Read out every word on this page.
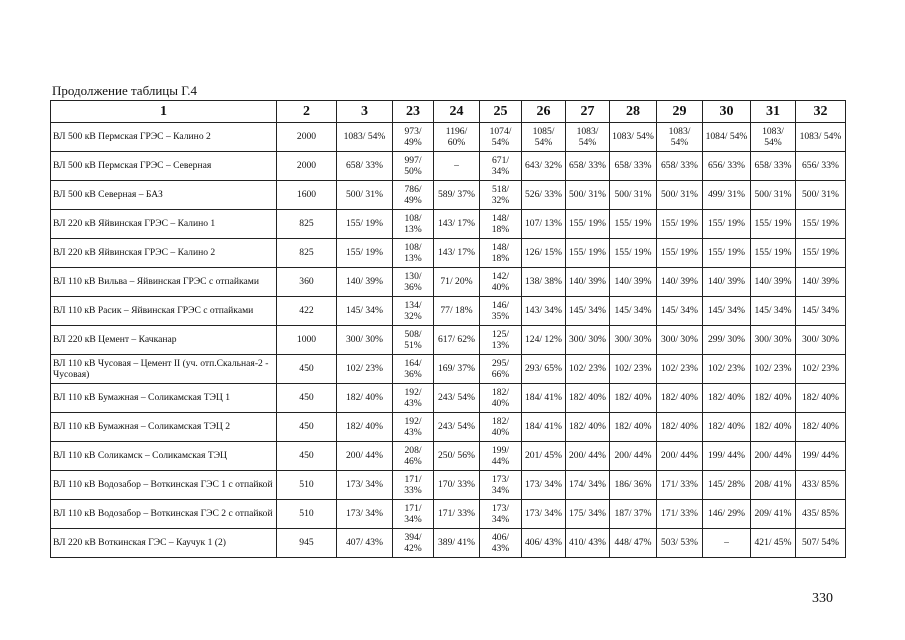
Продолжение таблицы Г.4
1	2	3	23	24	25	26	27	28	29	30	31	32
ВЛ 500 кВ Пермская ГРЭС – Калино 2	2000	1083/ 54%	973/ 49%	1196/ 60%	1074/ 54%	1085/ 54%	1083/ 54%	1083/ 54%	1083/ 54%	1084/ 54%	1083/ 54%	1083/ 54%
ВЛ 500 кВ Пермская ГРЭС – Северная	2000	658/ 33%	997/ 50%	–	671/ 34%	643/ 32%	658/ 33%	658/ 33%	658/ 33%	656/ 33%	658/ 33%	656/ 33%
ВЛ 500 кВ Северная – БАЗ	1600	500/ 31%	786/ 49%	589/ 37%	518/ 32%	526/ 33%	500/ 31%	500/ 31%	500/ 31%	499/ 31%	500/ 31%	500/ 31%
ВЛ 220 кВ Яйвинская ГРЭС – Калино 1	825	155/ 19%	108/ 13%	143/ 17%	148/ 18%	107/ 13%	155/ 19%	155/ 19%	155/ 19%	155/ 19%	155/ 19%	155/ 19%
ВЛ 220 кВ Яйвинская ГРЭС – Калино 2	825	155/ 19%	108/ 13%	143/ 17%	148/ 18%	126/ 15%	155/ 19%	155/ 19%	155/ 19%	155/ 19%	155/ 19%	155/ 19%
ВЛ 110 кВ Вильва – Яйвинская ГРЭС с отпайками	360	140/ 39%	130/ 36%	71/ 20%	142/ 40%	138/ 38%	140/ 39%	140/ 39%	140/ 39%	140/ 39%	140/ 39%	140/ 39%
ВЛ 110 кВ Расик – Яйвинская ГРЭС с отпайками	422	145/ 34%	134/ 32%	77/ 18%	146/ 35%	143/ 34%	145/ 34%	145/ 34%	145/ 34%	145/ 34%	145/ 34%	145/ 34%
ВЛ 220 кВ Цемент – Качканар	1000	300/ 30%	508/ 51%	617/ 62%	125/ 13%	124/ 12%	300/ 30%	300/ 30%	300/ 30%	299/ 30%	300/ 30%	300/ 30%
ВЛ 110 кВ Чусовая – Цемент II (уч. отп.Скальная-2 - Чусовая)	450	102/ 23%	164/ 36%	169/ 37%	295/ 66%	293/ 65%	102/ 23%	102/ 23%	102/ 23%	102/ 23%	102/ 23%	102/ 23%
ВЛ 110 кВ Бумажная – Соликамская ТЭЦ 1	450	182/ 40%	192/ 43%	243/ 54%	182/ 40%	184/ 41%	182/ 40%	182/ 40%	182/ 40%	182/ 40%	182/ 40%	182/ 40%
ВЛ 110 кВ Бумажная – Соликамская ТЭЦ 2	450	182/ 40%	192/ 43%	243/ 54%	182/ 40%	184/ 41%	182/ 40%	182/ 40%	182/ 40%	182/ 40%	182/ 40%	182/ 40%
ВЛ 110 кВ Соликамск – Соликамская ТЭЦ	450	200/ 44%	208/ 46%	250/ 56%	199/ 44%	201/ 45%	200/ 44%	200/ 44%	200/ 44%	199/ 44%	200/ 44%	199/ 44%
ВЛ 110 кВ Водозабор – Воткинская ГЭС 1 с отпайкой	510	173/ 34%	171/ 33%	170/ 33%	173/ 34%	173/ 34%	174/ 34%	186/ 36%	171/ 33%	145/ 28%	208/ 41%	433/ 85%
ВЛ 110 кВ Водозабор – Воткинская ГЭС 2 с отпайкой	510	173/ 34%	171/ 34%	171/ 33%	173/ 34%	173/ 34%	175/ 34%	187/ 37%	171/ 33%	146/ 29%	209/ 41%	435/ 85%
ВЛ 220 кВ Воткинская ГЭС – Каучук 1 (2)	945	407/ 43%	394/ 42%	389/ 41%	406/ 43%	406/ 43%	410/ 43%	448/ 47%	503/ 53%	–	421/ 45%	507/ 54%
330
